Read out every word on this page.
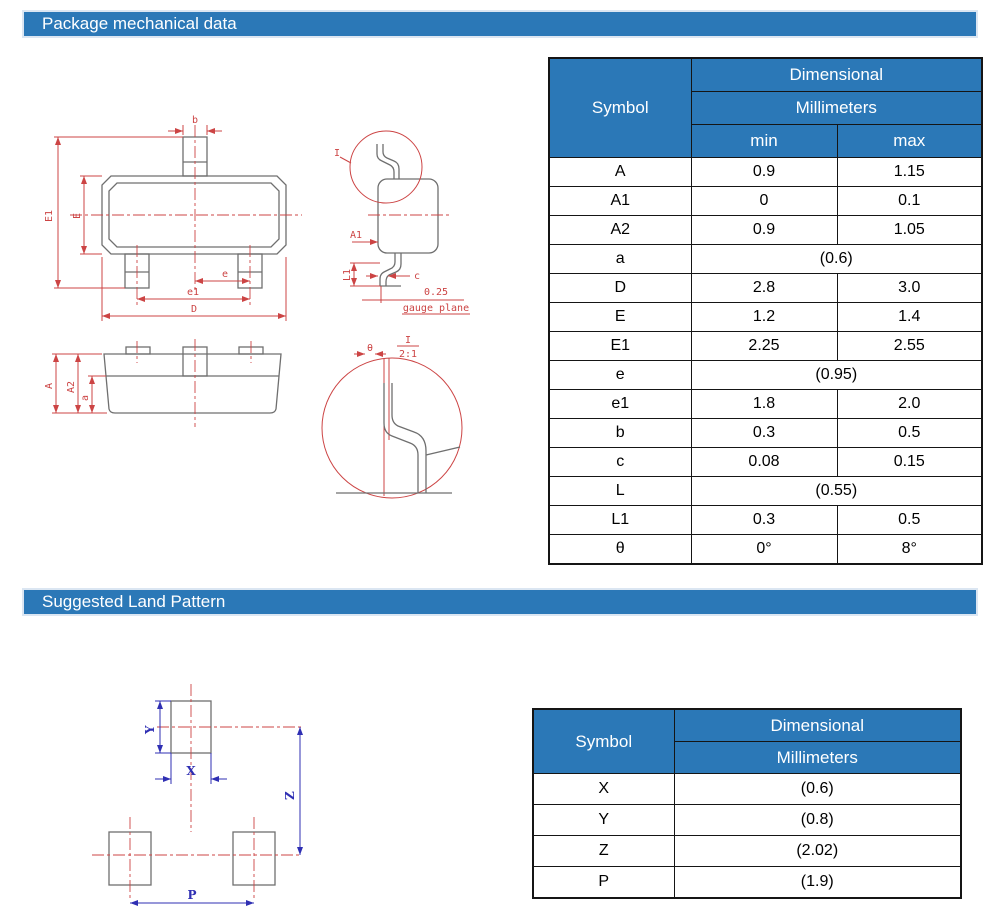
Package mechanical data
b
E1 E
e
e1
D
A A2
a
I
A1
L1	c
0.25
gauge plane
θ
I
2:1
Symbol	Dimensional	
	Millimeters	
	min	max
A	0.9	1.15
A1	0	0.1
A2	0.9	1.05
a	(0.6)	
D	2.8	3.0
E	1.2	1.4
E1	2.25	2.55
e	(0.95)	
e1	1.8	2.0
b	0.3	0.5
c	0.08	0.15
L	(0.55)	
L1	0.3	0.5
θ	0°	8°
Suggested Land Pattern
Y
X
Z
P
Symbol	Dimensional
	Millimeters
X	(0.6)
Y	(0.8)
Z	(2.02)
P	(1.9)
